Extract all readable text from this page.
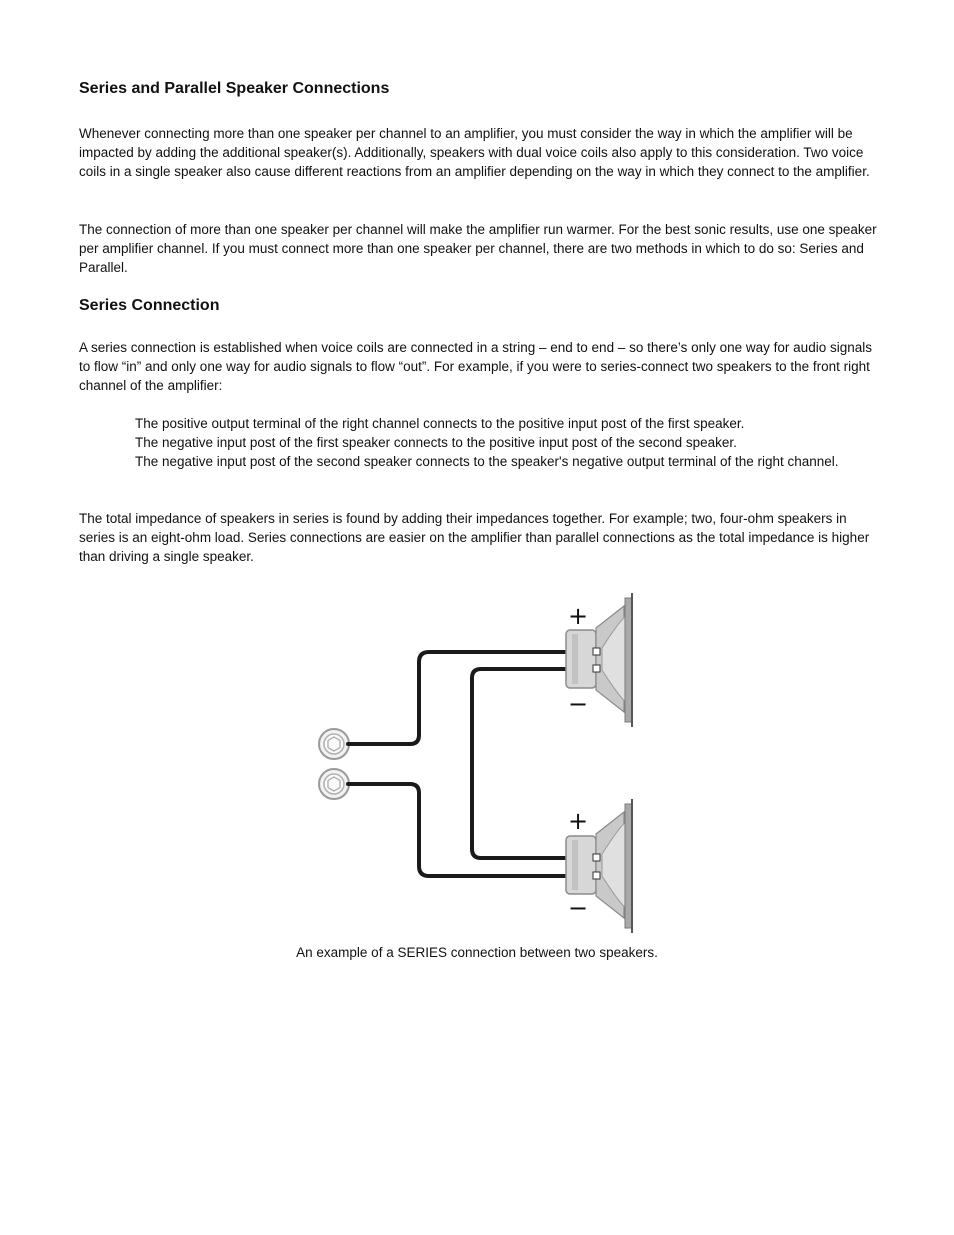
Series and Parallel Speaker Connections

Whenever connecting more than one speaker per channel to an amplifier, you must consider the way in which the amplifier will be impacted by adding the additional speaker(s). Additionally, speakers with dual voice coils also apply to this consideration. Two voice coils in a single speaker also cause different reactions from an amplifier depending on the way in which they connect to the amplifier.

The connection of more than one speaker per channel will make the amplifier run warmer. For the best sonic results, use one speaker per amplifier channel. If you must connect more than one speaker per channel, there are two methods in which to do so: Series and Parallel.

Series Connection

A series connection is established when voice coils are connected in a string – end to end – so there’s only one way for audio signals to flow “in” and only one way for audio signals to flow “out”. For example, if you were to series-connect two speakers to the front right channel of the amplifier:

The positive output terminal of the right channel connects to the positive input post of the first speaker.
The negative input post of the first speaker connects to the positive input post of the second speaker.
The negative input post of the second speaker connects to the speaker's negative output terminal of the right channel.

The total impedance of speakers in series is found by adding their impedances together. For example; two, four-ohm speakers in series is an eight-ohm load. Series connections are easier on the amplifier than parallel connections as the total impedance is higher than driving a single speaker.

+
−
+
−
An example of a SERIES connection between two speakers.
